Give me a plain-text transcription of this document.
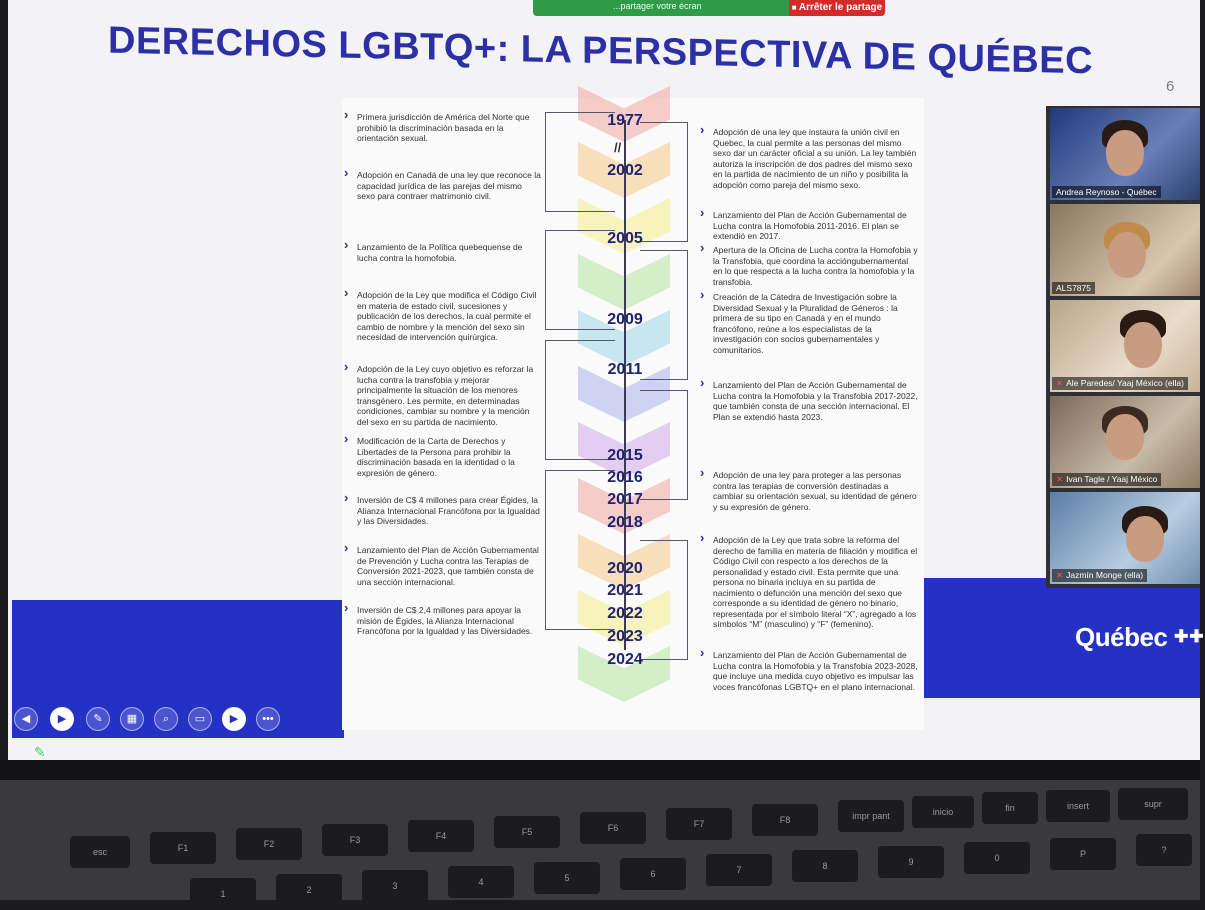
...partager votre écran
■	Arrêter le partage
DERECHOS LGBTQ+: LA PERSPECTIVA DE QUÉBEC
6
Québec ✚✚
//
1977
2002
2005
2009
2011
2015
2016
2017
2018
2020
2021
2022
2023
2024
› Primera jurisdicción de América del Norte que prohibió la discriminación basada en la orientación sexual.
› Adopción en Canadá de una ley que reconoce la capacidad jurídica de las parejas del mismo sexo para contraer matrimonio civil.
› Lanzamiento de la Política quebequense de lucha contra la homofobia.
› Adopción de la Ley que modifica el Código Civil en materia de estado civil, sucesiones y publicación de los derechos, la cual permite el cambio de nombre y la mención del sexo sin necesidad de intervención quirúrgica.
› Adopción de la Ley cuyo objetivo es reforzar la lucha contra la transfobia y mejorar principalmente la situación de los menores transgénero. Les permite, en determinadas condiciones, cambiar su nombre y la mención del sexo en su partida de nacimiento.
› Modificación de la Carta de Derechos y Libertades de la Persona para prohibir la discriminación basada en la identidad o la expresión de género.
› Inversión de C$ 4 millones para crear Égides, la Alianza Internacional Francófona por la Igualdad y las Diversidades.
› Lanzamiento del Plan de Acción Gubernamental de Prevención y Lucha contra las Terapias de Conversión 2021-2023, que también consta de una sección internacional.
› Inversión de C$ 2,4 millones para apoyar la misión de Égides, la Alianza Internacional Francófona por la Igualdad y las Diversidades.
› Adopción de una ley que instaura la unión civil en Quebec, la cual permite a las personas del mismo sexo dar un carácter oficial a su unión. La ley también autoriza la inscripción de dos padres del mismo sexo en la partida de nacimiento de un niño y posibilita la adopción como pareja del mismo sexo.
› Lanzamiento del Plan de Acción Gubernamental de Lucha contra la Homofobia 2011-2016. El plan se extendió en 2017.
› Apertura de la Oficina de Lucha contra la Homofobia y la Transfobia, que coordina la accióngubernamental en lo que respecta a la lucha contra la homofobia y la transfobia.
› Creación de la Cátedra de Investigación sobre la Diversidad Sexual y la Pluralidad de Géneros : la primera de su tipo en Canadá y en el mundo francófono, reúne a los especialistas de la investigación con socios gubernamentales y comunitarios.
› Lanzamiento del Plan de Acción Gubernamental de Lucha contra la Homofobia y la Transfobia 2017-2022, que también consta de una sección internacional. El Plan se extendió hasta 2023.
› Adopción de una ley para proteger a las personas contra las terapias de conversión destinadas a cambiar su orientación sexual, su identidad de género y su expresión de género.
› Adopción de la Ley que trata sobre la reforma del derecho de familia en materia de filiación y modifica el Código Civil con respecto a los derechos de la personalidad y estado civil. Esta permite que una persona no binaria incluya en su partida de nacimiento o defunción una mención del sexo que corresponde a su identidad de género no binario, representada por el símbolo literal “X”, agregado a los símbolos “M” (masculino) y “F” (femenino).
› Lanzamiento del Plan de Acción Gubernamental de Lucha contra la Homofobia y la Transfobia 2023-2028, que incluye una medida cuyo objetivo es impulsar las voces francófonas LGBTQ+ en el plano internacional.
◀	▶	✎	▦	⌕	▭	▶	•••
✎
Andrea Reynoso - Québec
ALS7875
✕ Ale Paredes/ Yaaj México (ella)
✕ Ivan Tagle / Yaaj México
✕ Jazmín Monge (ella)
esc	F1	F2	F3	F4	F5	F6	F7	F8	impr pant	inicio	fin	insert	supr
1	2	3	4	5	6	7	8	9	0	P	?
